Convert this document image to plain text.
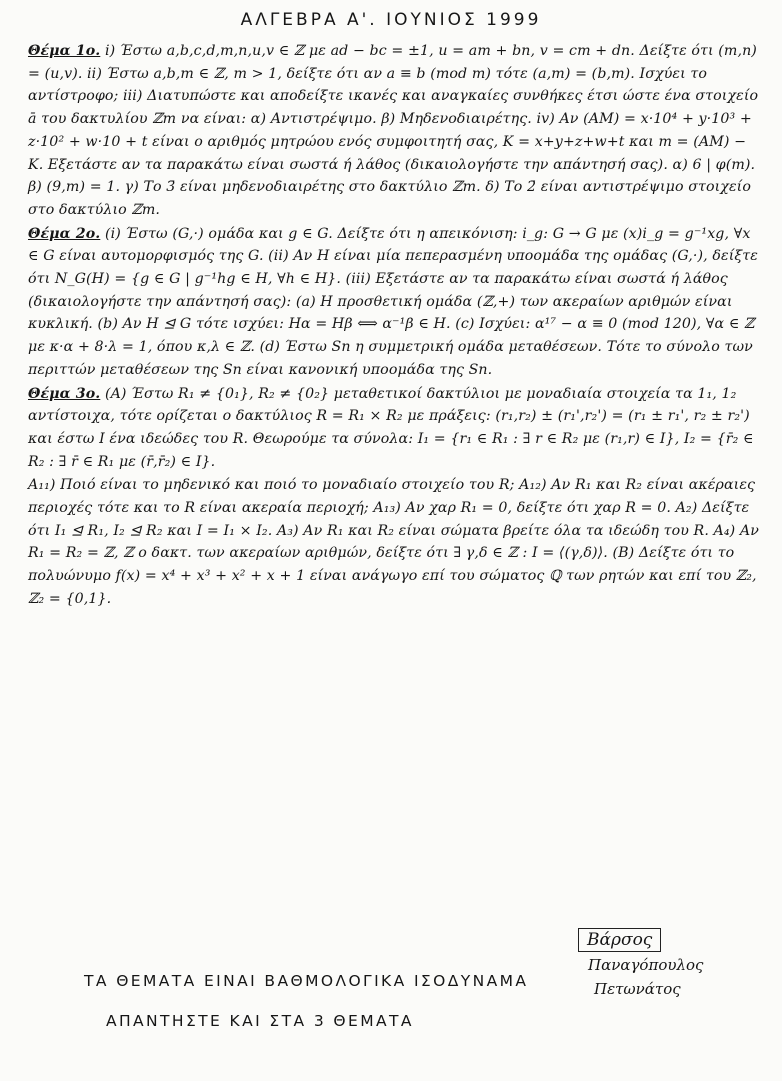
ΑΛΓΕΒΡΑ Α'. ΙΟΥΝΙΟΣ 1999

Θέμα 1ο. i) Έστω a,b,c,d,m,n,u,v ∈ ℤ με ad − bc = ±1, u = am + bn, v = cm + dn. Δείξτε ότι (m,n) = (u,v). ii) Έστω a,b,m ∈ ℤ, m > 1, δείξτε ότι αν a ≡ b (mod m) τότε (a,m) = (b,m). Ισχύει το αντίστροφο; iii) Διατυπώστε και αποδείξτε ικανές και αναγκαίες συνθήκες έτσι ώστε ένα στοιχείο ā του δακτυλίου ℤm να είναι: α) Αντιστρέψιμο. β) Μηδενοδιαιρέτης. iv) Αν (AM) = x·10⁴ + y·10³ + z·10² + w·10 + t είναι ο αριθμός μητρώου ενός συμφοιτητή σας, K = x+y+z+w+t και m = (AM) − K. Εξετάστε αν τα παρακάτω είναι σωστά ή λάθος (δικαιολογήστε την απάντησή σας). α) 6 | φ(m). β) (9,m) = 1. γ) Το 3̄ είναι μηδενοδιαιρέτης στο δακτύλιο ℤm. δ) Το 2̄ είναι αντιστρέψιμο στοιχείο στο δακτύλιο ℤm.

Θέμα 2ο. (i) Έστω (G,·) ομάδα και g ∈ G. Δείξτε ότι η απεικόνιση: i_g: G → G με (x)i_g = g⁻¹xg, ∀x ∈ G είναι αυτομορφισμός της G. (ii) Αν H είναι μία πεπερασμένη υποομάδα της ομάδας (G,·), δείξτε ότι N_G(H) = {g ∈ G | g⁻¹hg ∈ H, ∀h ∈ H}. (iii) Εξετάστε αν τα παρακάτω είναι σωστά ή λάθος (δικαιολογήστε την απάντησή σας): (a) Η προσθετική ομάδα (ℤ,+) των ακεραίων αριθμών είναι κυκλική. (b) Αν H ⊴ G τότε ισχύει: Hα = Hβ ⟺ α⁻¹β ∈ H. (c) Ισχύει: α¹⁷ − α ≡ 0 (mod 120), ∀α ∈ ℤ με κ·α + 8·λ = 1, όπου κ,λ ∈ ℤ. (d) Έστω Sn η συμμετρική ομάδα μεταθέσεων. Τότε το σύνολο των περιττών μεταθέσεων της Sn είναι κανονική υποομάδα της Sn.

Θέμα 3ο. (A) Έστω R₁ ≠ {0₁}, R₂ ≠ {0₂} μεταθετικοί δακτύλιοι με μοναδιαία στοιχεία τα 1₁, 1₂ αντίστοιχα, τότε ορίζεται ο δακτύλιος R = R₁ × R₂ με πράξεις: (r₁,r₂) ± (r₁',r₂') = (r₁ ± r₁', r₂ ± r₂') και έστω I ένα ιδεώδες του R. Θεωρούμε τα σύνολα: I₁ = {r₁ ∈ R₁ : ∃ r ∈ R₂ με (r₁,r) ∈ I}, I₂ = {r̄₂ ∈ R₂ : ∃ r̄ ∈ R₁ με (r̄,r̄₂) ∈ I}.

A₁₁) Ποιό είναι το μηδενικό και ποιό το μοναδιαίο στοιχείο του R; A₁₂) Αν R₁ και R₂ είναι ακέραιες περιοχές τότε και το R είναι ακεραία περιοχή; A₁₃) Αν χαρ R₁ = 0, δείξτε ότι χαρ R = 0. A₂) Δείξτε ότι I₁ ⊴ R₁, I₂ ⊴ R₂ και I = I₁ × I₂. A₃) Αν R₁ και R₂ είναι σώματα βρείτε όλα τα ιδεώδη του R. A₄) Αν R₁ = R₂ = ℤ, ℤ ο δακτ. των ακεραίων αριθμών, δείξτε ότι ∃ γ,δ ∈ ℤ : I = ⟨(γ,δ)⟩. (B) Δείξτε ότι το πολυώνυμο f(x) = x⁴ + x³ + x² + x + 1 είναι ανάγωγο επί του σώματος ℚ των ρητών και επί του ℤ₂, ℤ₂ = {0,1}.

Βάρσος
Παναγόπουλος
Πετωνάτος
ΤΑ ΘΕΜΑΤΑ ΕΙΝΑΙ ΒΑΘΜΟΛΟΓΙΚΑ ΙΣΟΔΥΝΑΜΑ
ΑΠΑΝΤΗΣΤΕ ΚΑΙ ΣΤΑ 3 ΘΕΜΑΤΑ
